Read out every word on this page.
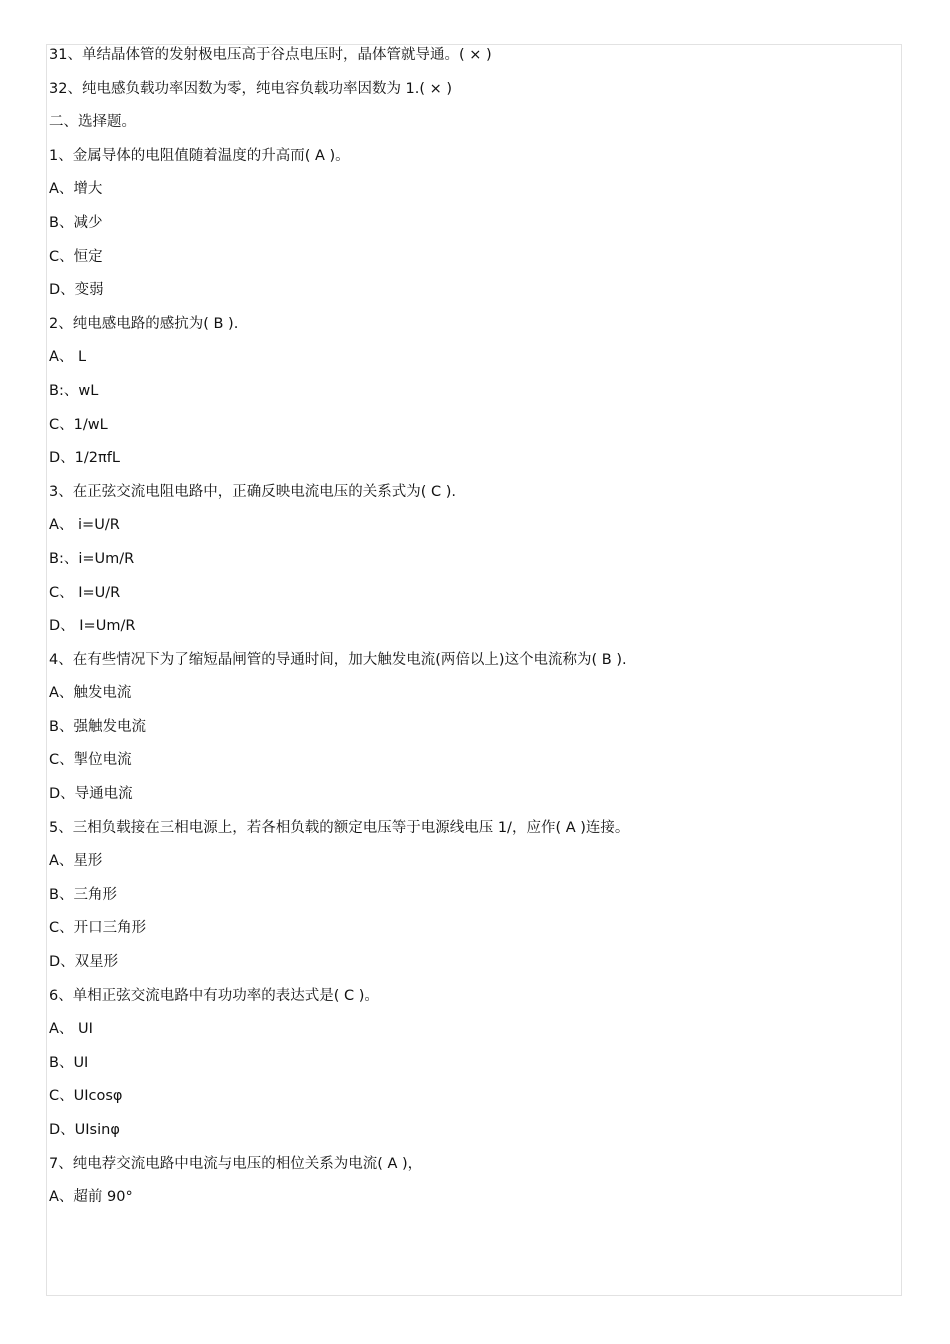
31、单结晶体管的发射极电压高于谷点电压时，晶体管就导通。( × )
32、纯电感负载功率因数为零，纯电容负载功率因数为 1.( × )
二、选择题。
1、金属导体的电阻值随着温度的升高而( A )。
A、增大
B、减少
C、恒定
D、变弱
2、纯电感电路的感抗为( B ).
A、 L
B:、wL
C、1/wL
D、1/2πfL
3、在正弦交流电阻电路中，正确反映电流电压的关系式为( C ).
A、 i=U/R
B:、i=Um/R
C、 I=U/R
D、 I=Um/R
4、在有些情况下为了缩短晶闸管的导通时间，加大触发电流(两倍以上)这个电流称为( B ).
A、触发电流
B、强触发电流
C、掣位电流
D、导通电流
5、三相负载接在三相电源上，若各相负载的额定电压等于电源线电压 1/，应作( A )连接。
A、星形
B、三角形
C、开口三角形
D、双星形
6、单相正弦交流电路中有功功率的表达式是( C )。
A、 UI
B、UI
C、UIcosφ
D、UIsinφ
7、纯电荐交流电路中电流与电压的相位关系为电流( A )，
A、超前 90°
